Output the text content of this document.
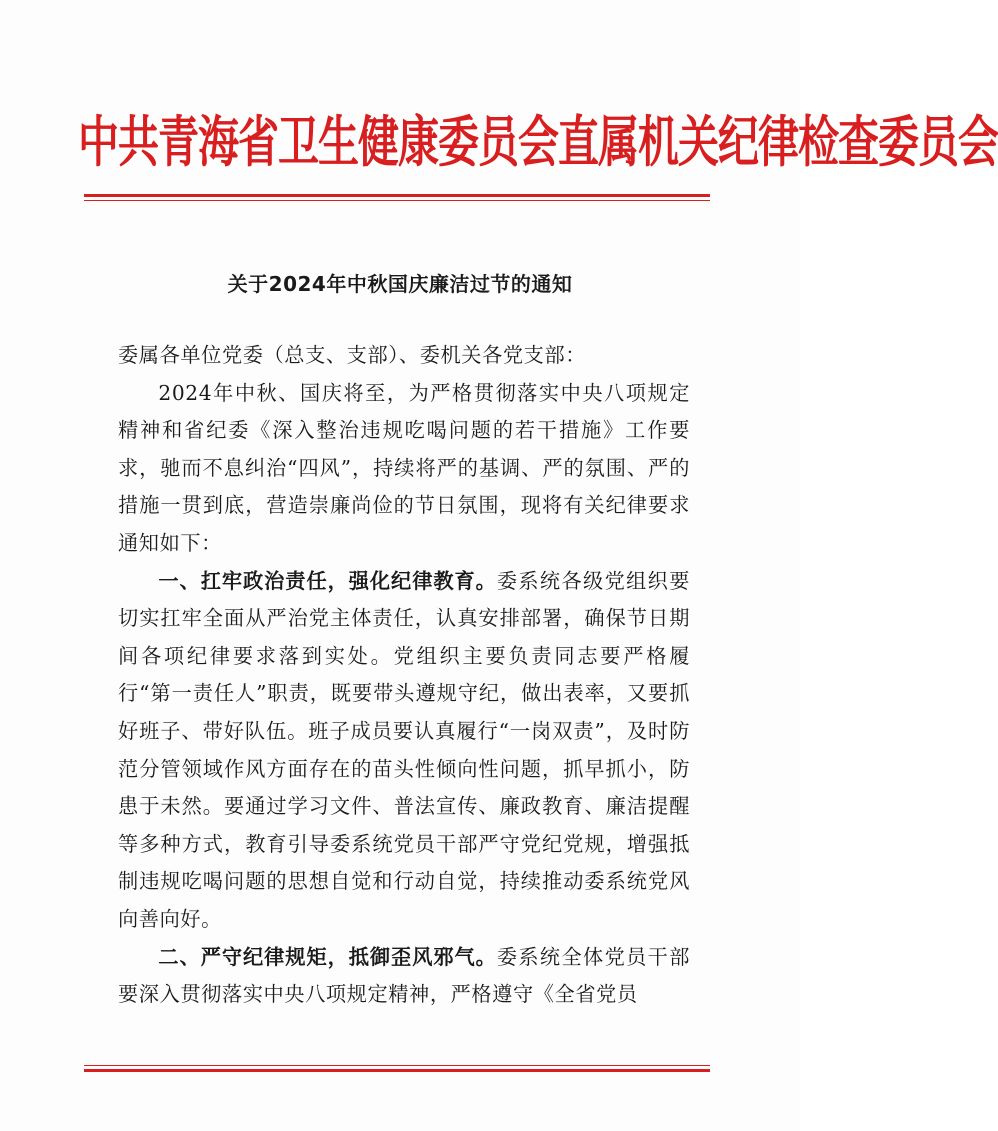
中共青海省卫生健康委员会直属机关纪律检查委员会
关于2024年中秋国庆廉洁过节的通知

委属各单位党委（总支、支部）、委机关各党支部：

2024年中秋、国庆将至，为严格贯彻落实中央八项规定精神和省纪委《深入整治违规吃喝问题的若干措施》工作要求，驰而不息纠治“四风”，持续将严的基调、严的氛围、严的措施一贯到底，营造崇廉尚俭的节日氛围，现将有关纪律要求通知如下：

一、扛牢政治责任，强化纪律教育。委系统各级党组织要切实扛牢全面从严治党主体责任，认真安排部署，确保节日期间各项纪律要求落到实处。党组织主要负责同志要严格履行“第一责任人”职责，既要带头遵规守纪，做出表率，又要抓好班子、带好队伍。班子成员要认真履行“一岗双责”，及时防范分管领域作风方面存在的苗头性倾向性问题，抓早抓小，防患于未然。要通过学习文件、普法宣传、廉政教育、廉洁提醒等多种方式，教育引导委系统党员干部严守党纪党规，增强抵制违规吃喝问题的思想自觉和行动自觉，持续推动委系统党风向善向好。

二、严守纪律规矩，抵御歪风邪气。委系统全体党员干部要深入贯彻落实中央八项规定精神，严格遵守《全省党员
